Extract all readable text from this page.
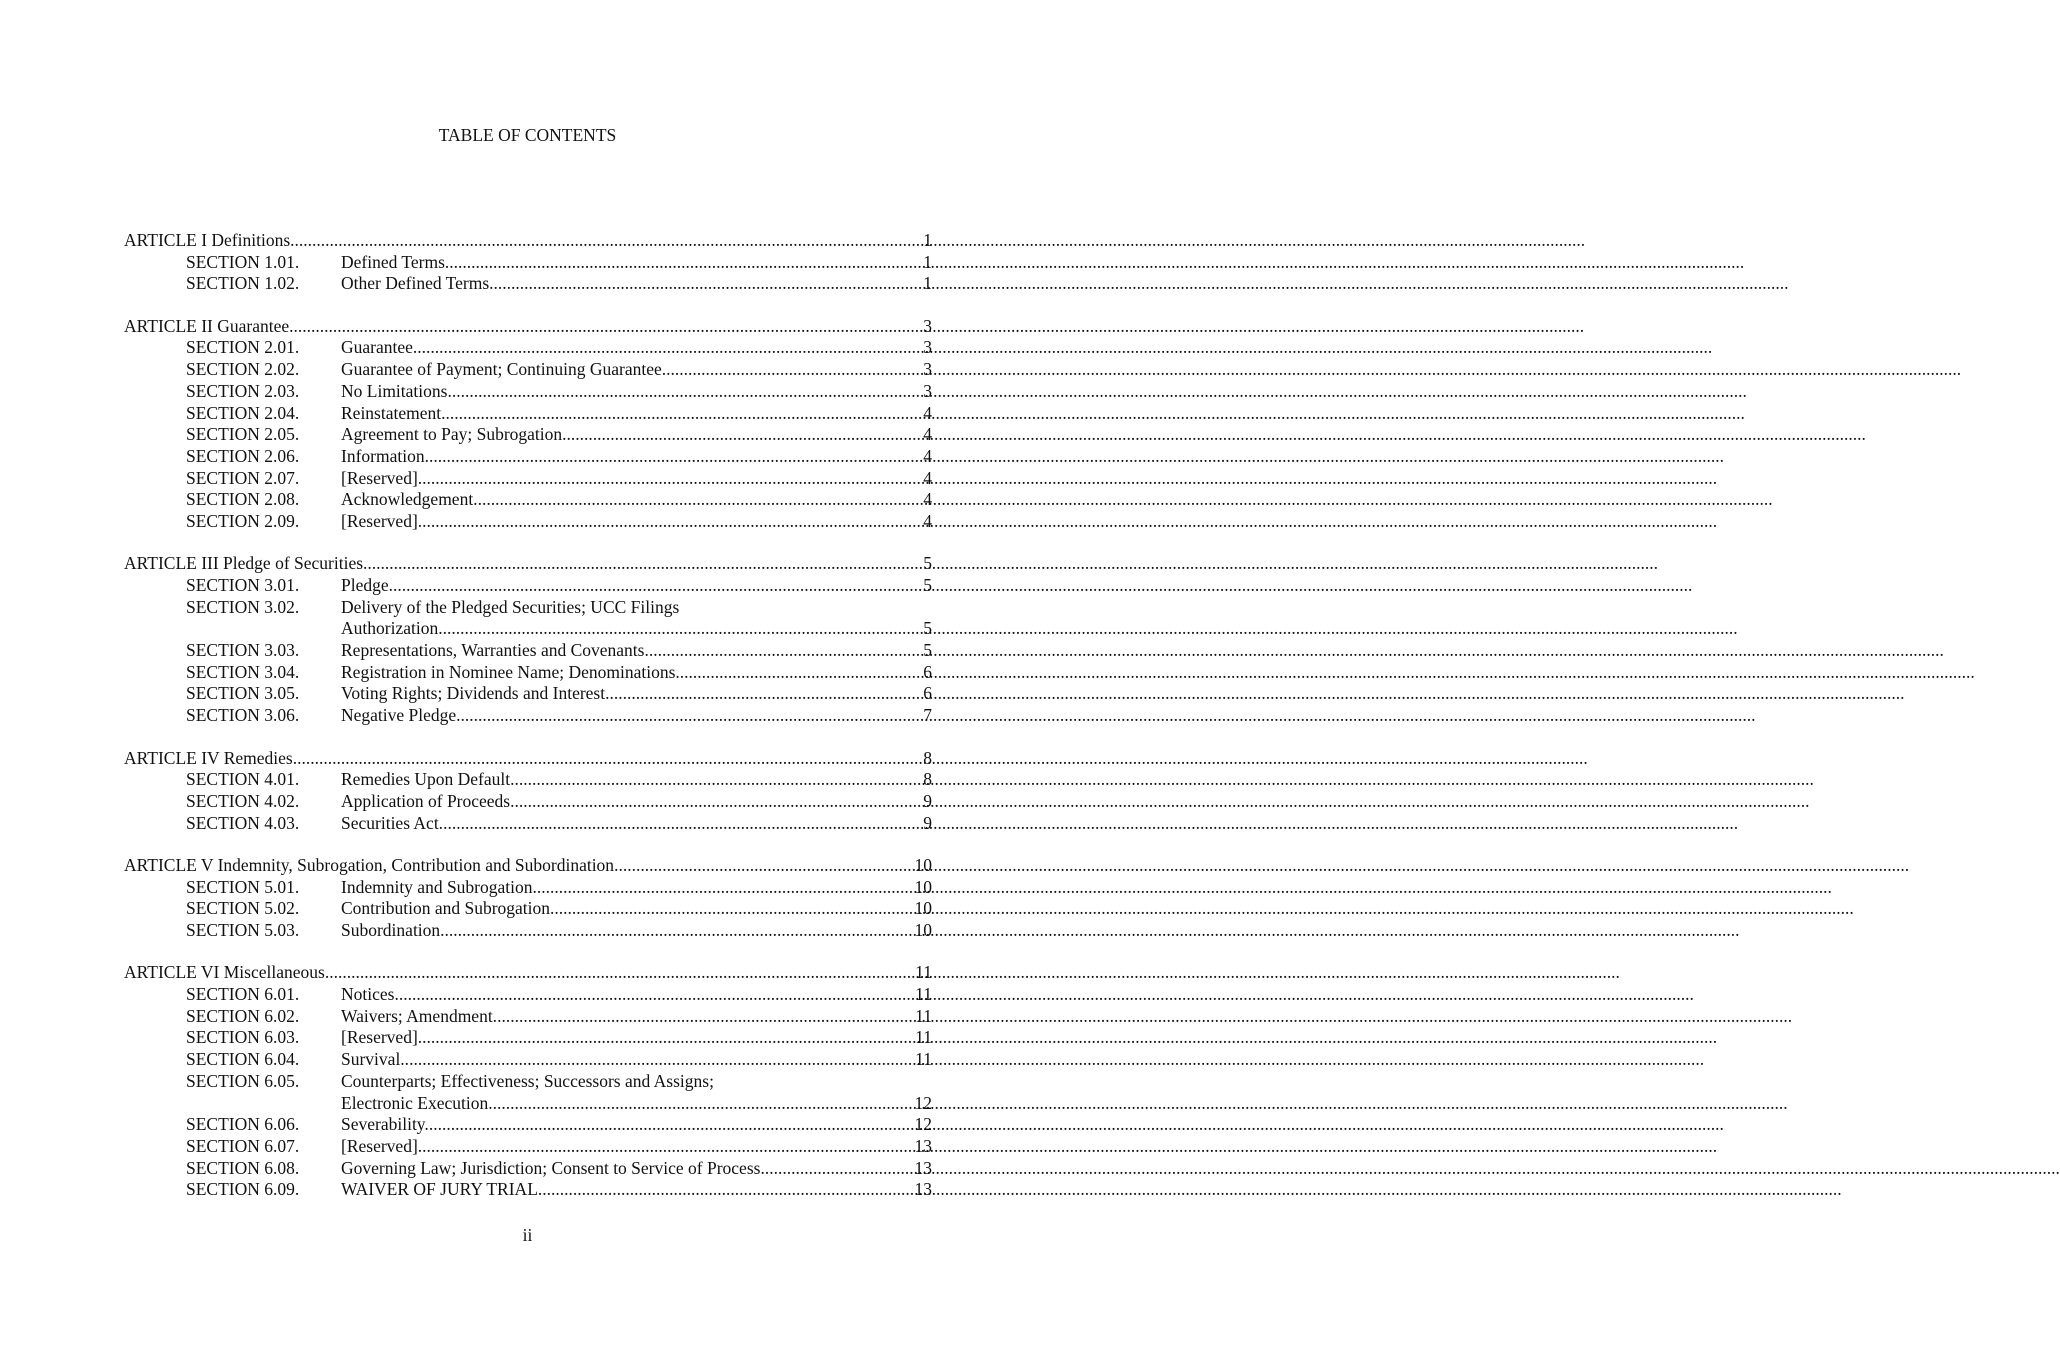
TABLE OF CONTENTS
ARTICLE I Definitions .....	1
SECTION 1.01.	Defined Terms. .....	1
SECTION 1.02.	Other Defined Terms. .....	1
ARTICLE II Guarantee .....	3
SECTION 2.01.	Guarantee. .....	3
SECTION 2.02.	Guarantee of Payment; Continuing Guarantee. .....	3
SECTION 2.03.	No Limitations. .....	3
SECTION 2.04.	Reinstatement.. .....	4
SECTION 2.05.	Agreement to Pay; Subrogation.. .....	4
SECTION 2.06.	Information. .....	4
SECTION 2.07.	[Reserved]. .....	4
SECTION 2.08.	Acknowledgement. .....	4
SECTION 2.09.	[Reserved]. .....	4
ARTICLE III Pledge of Securities .....	5
SECTION 3.01.	Pledge.. .....	5
SECTION 3.02.	Delivery of the Pledged Securities; UCC Filings
Authorization. .....	5
SECTION 3.03.	Representations, Warranties and Covenants. .....	5
SECTION 3.04.	Registration in Nominee Name; Denominations. .....	6
SECTION 3.05.	Voting Rights; Dividends and Interest. .....	6
SECTION 3.06.	Negative Pledge. .....	7
ARTICLE IV Remedies .....	8
SECTION 4.01.	Remedies Upon Default.. .....	8
SECTION 4.02.	Application of Proceeds. .....	9
SECTION 4.03.	Securities Act. .....	9
ARTICLE V Indemnity, Subrogation, Contribution and Subordination .....	10
SECTION 5.01.	Indemnity and Subrogation. .....	10
SECTION 5.02.	Contribution and Subrogation.. .....	10
SECTION 5.03.	Subordination. .....	10
ARTICLE VI Miscellaneous .....	11
SECTION 6.01.	Notices. .....	11
SECTION 6.02.	Waivers; Amendment. .....	11
SECTION 6.03.	[Reserved]. .....	11
SECTION 6.04.	Survival.. .....	11
SECTION 6.05.	Counterparts; Effectiveness; Successors and Assigns;
Electronic Execution. .....	12
SECTION 6.06.	Severability. .....	12
SECTION 6.07.	[Reserved]. .....	13
SECTION 6.08.	Governing Law; Jurisdiction; Consent to Service of Process. .....	13
SECTION 6.09.	WAIVER OF JURY TRIAL.. .....	13
ii
